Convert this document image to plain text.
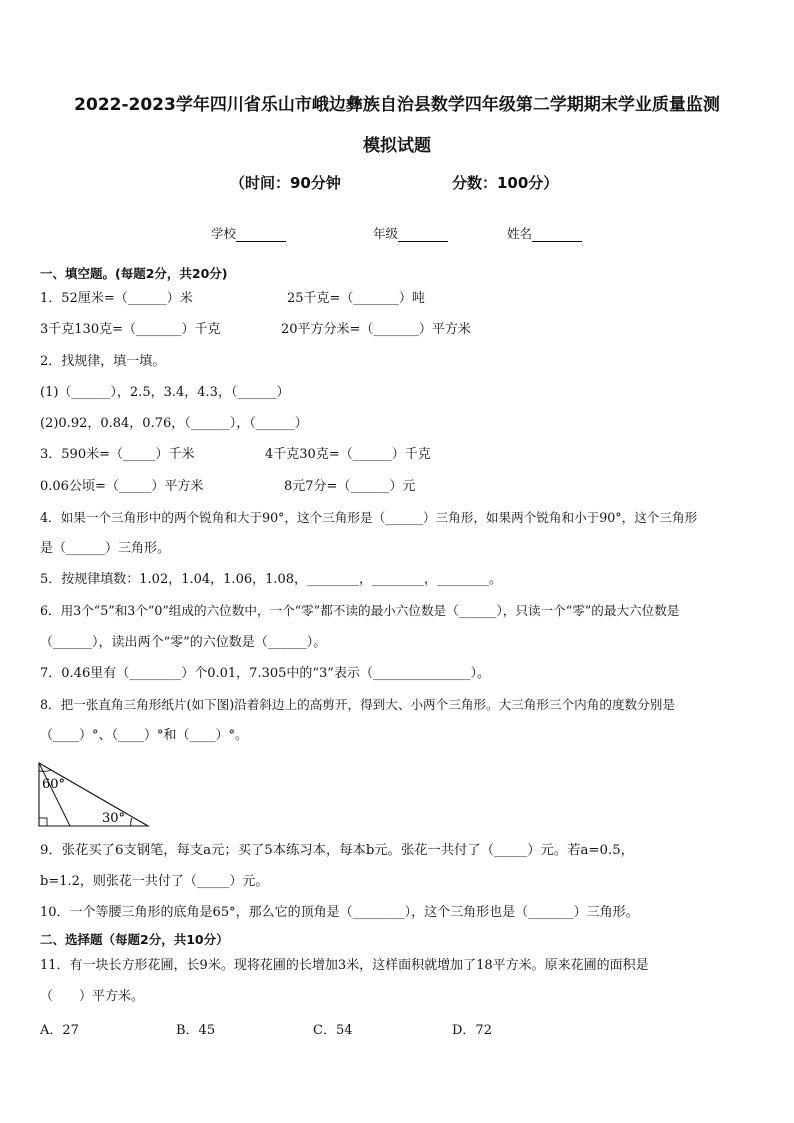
2022-2023学年四川省乐山市峨边彝族自治县数学四年级第二学期期末学业质量监测
模拟试题
（时间：90分钟	分数：100分）
学校	年级	姓名
一、填空题。(每题2分，共20分)
1．52厘米=（______）米	25千克=（_______）吨
3千克130克=（_______）千克	20平方分米=（_______）平方米
2．找规律，填一填。
(1)（______），2.5，3.4，4.3，（______）
(2)0.92，0.84，0.76，（______），（______）
3．590米=（_____）千米	4千克30克=（______）千克
0.06公顷=（_____）平方米	8元7分=（______）元
4．如果一个三角形中的两个锐角和大于90°，这个三角形是（______）三角形，如果两个锐角和小于90°，这个三角形
是（______）三角形。
5．按规律填数：1.02，1.04，1.06，1.08，________，________，________。
6．用3个“5”和3个“0”组成的六位数中，一个“零”都不读的最小六位数是（______），只读一个“零”的最大六位数是
（______），读出两个“零”的六位数是（______）。
7．0.46里有（________）个0.01，7.305中的“3”表示（_______________）。
8．把一张直角三角形纸片(如下图)沿着斜边上的高剪开，得到大、小两个三角形。大三角形三个内角的度数分别是
（____）°、（____）°和（____）°。
60°
30°
9．张花买了6支钢笔，每支a元；买了5本练习本，每本b元。张花一共付了（_____）元。若a=0.5，
b=1.2，则张花一共付了（_____）元。
10．一个等腰三角形的底角是65°，那么它的顶角是（________），这个三角形也是（_______）三角形。
二、选择题（每题2分，共10分）
11．有一块长方形花圃，长9米。现将花圃的长增加3米，这样面积就增加了18平方米。原来花圃的面积是
（　　）平方米。
A．27	B．45	C．54	D．72
